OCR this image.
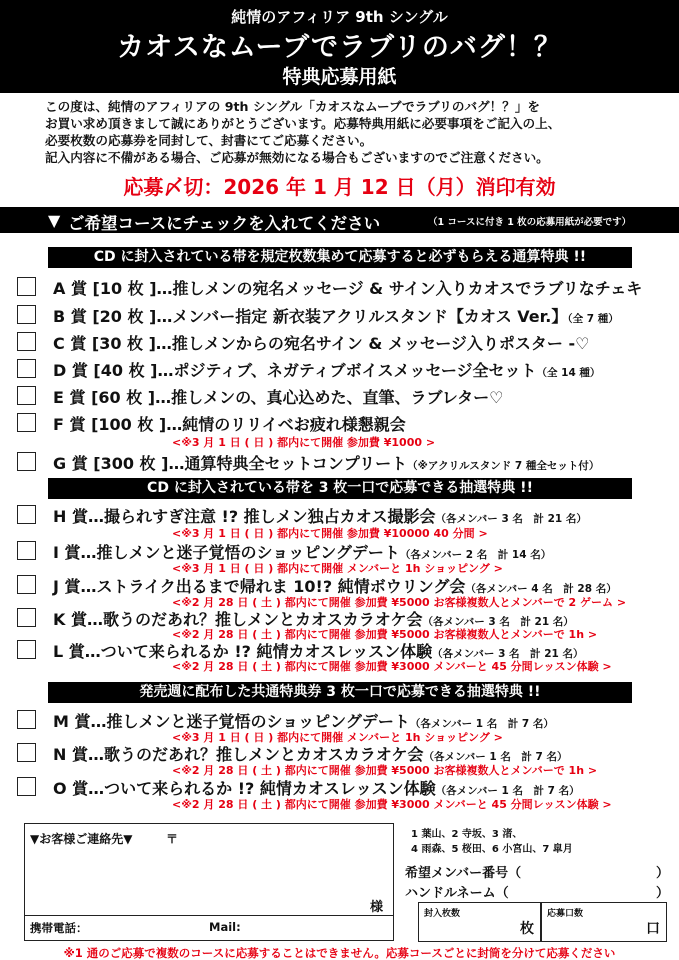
純情のアフィリア 9th シングル
カオスなムーブでラブリのバグ！？
特典応募用紙
この度は、純情のアフィリアの 9th シングル「カオスなムーブでラブリのバグ！？」を
お買い求め頂きまして誠にありがとうございます。応募特典用紙に必要事項をご記入の上、
必要枚数の応募券を同封して、封書にてご応募ください。
記入内容に不備がある場合、ご応募が無効になる場合もございますのでご注意ください。
応募〆切：2026 年 1 月 12 日（月）消印有効
▼ ご希望コースにチェックを入れてください	（1 コースに付き 1 枚の応募用紙が必要です）
CD に封入されている帯を規定枚数集めて応募すると必ずもらえる通算特典 !!
A 賞 [10 枚 ]…推しメンの宛名メッセージ & サイン入りカオスでラブリなチェキ
B 賞 [20 枚 ]…メンバー指定 新衣装アクリルスタンド【カオス Ver.】（全 7 種）
C 賞 [30 枚 ]…推しメンからの宛名サイン & メッセージ入りポスター -♡
D 賞 [40 枚 ]…ポジティブ、ネガティブボイスメッセージ全セット（全 14 種）
E 賞 [60 枚 ]…推しメンの、真心込めた、直筆、ラブレター♡
F 賞 [100 枚 ]…純情のリリイベお疲れ様懇親会
<※3 月 1 日 ( 日 ) 都内にて開催 参加費 ¥1000 >
G 賞 [300 枚 ]…通算特典全セットコンプリート（※アクリルスタンド 7 種全セット付）
CD に封入されている帯を 3 枚一口で応募できる抽選特典 !!
H 賞…撮られすぎ注意 !? 推しメン独占カオス撮影会（各メンバー 3 名　計 21 名）
<※3 月 1 日 ( 日 ) 都内にて開催 参加費 ¥10000 40 分間 >
I 賞…推しメンと迷子覚悟のショッピングデート（各メンバー 2 名　計 14 名）
<※3 月 1 日 ( 日 ) 都内にて開催 メンバーと 1h ショッピング >
J 賞…ストライク出るまで帰れま 10!? 純情ボウリング会（各メンバー 4 名　計 28 名）
<※2 月 28 日 ( 土 ) 都内にて開催 参加費 ¥5000 お客様複数人とメンバーで 2 ゲーム >
K 賞…歌うのだあれ？推しメンとカオスカラオケ会（各メンバー 3 名　計 21 名）
<※2 月 28 日 ( 土 ) 都内にて開催 参加費 ¥5000 お客様複数人とメンバーで 1h >
L 賞…ついて来られるか !? 純情カオスレッスン体験（各メンバー 3 名　計 21 名）
<※2 月 28 日 ( 土 ) 都内にて開催 参加費 ¥3000 メンバーと 45 分間レッスン体験 >
発売週に配布した共通特典券 3 枚一口で応募できる抽選特典 !!
M 賞…推しメンと迷子覚悟のショッピングデート（各メンバー 1 名　計 7 名）
<※3 月 1 日 ( 日 ) 都内にて開催 メンバーと 1h ショッピング >
N 賞…歌うのだあれ？推しメンとカオスカラオケ会（各メンバー 1 名　計 7 名）
<※2 月 28 日 ( 土 ) 都内にて開催 参加費 ¥5000 お客様複数人とメンバーで 1h >
O 賞…ついて来られるか !? 純情カオスレッスン体験（各メンバー 1 名　計 7 名）
<※2 月 28 日 ( 土 ) 都内にて開催 参加費 ¥3000 メンバーと 45 分間レッスン体験 >
▼お客様ご連絡先▼	〒
様
携帯電話：	Mail:
1 葉山、2 寺坂、3 渚、
4 雨森、5 桜田、6 小宮山、7 皐月
希望メンバー番号（	）
ハンドルネーム（	）
封入枚数
枚
応募口数
口
※1 通のご応募で複数のコースに応募することはできません。応募コースごとに封筒を分けて応募ください
